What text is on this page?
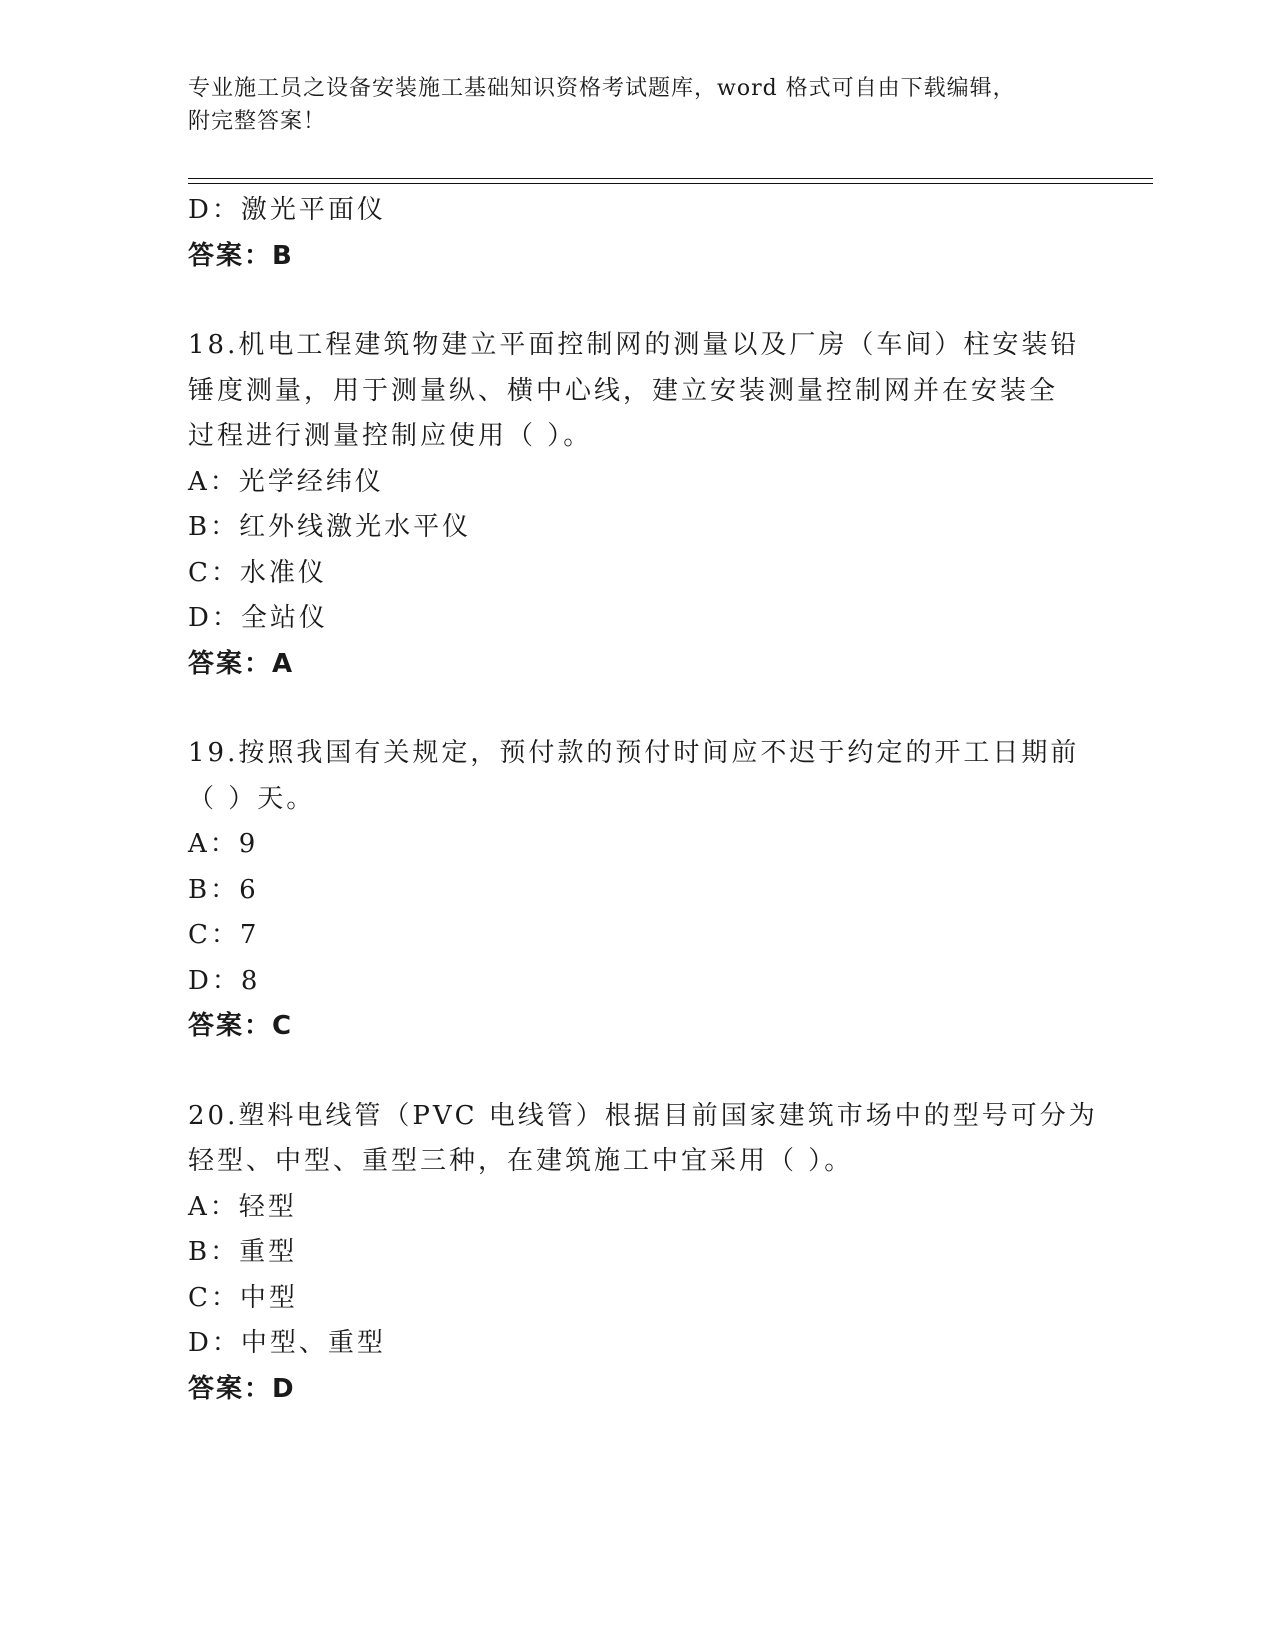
专业施工员之设备安装施工基础知识资格考试题库，word 格式可自由下载编辑，
附完整答案！
D：激光平面仪
答案：B
18.机电工程建筑物建立平面控制网的测量以及厂房（车间）柱安装铅
锤度测量，用于测量纵、横中心线，建立安装测量控制网并在安装全
过程进行测量控制应使用（ ）。
A：光学经纬仪
B：红外线激光水平仪
C：水准仪
D：全站仪
答案：A
19.按照我国有关规定，预付款的预付时间应不迟于约定的开工日期前
（ ）天。
A：9
B：6
C：7
D：8
答案：C
20.塑料电线管（PVC 电线管）根据目前国家建筑市场中的型号可分为
轻型、中型、重型三种，在建筑施工中宜采用（ ）。
A：轻型
B：重型
C：中型
D：中型、重型
答案：D
